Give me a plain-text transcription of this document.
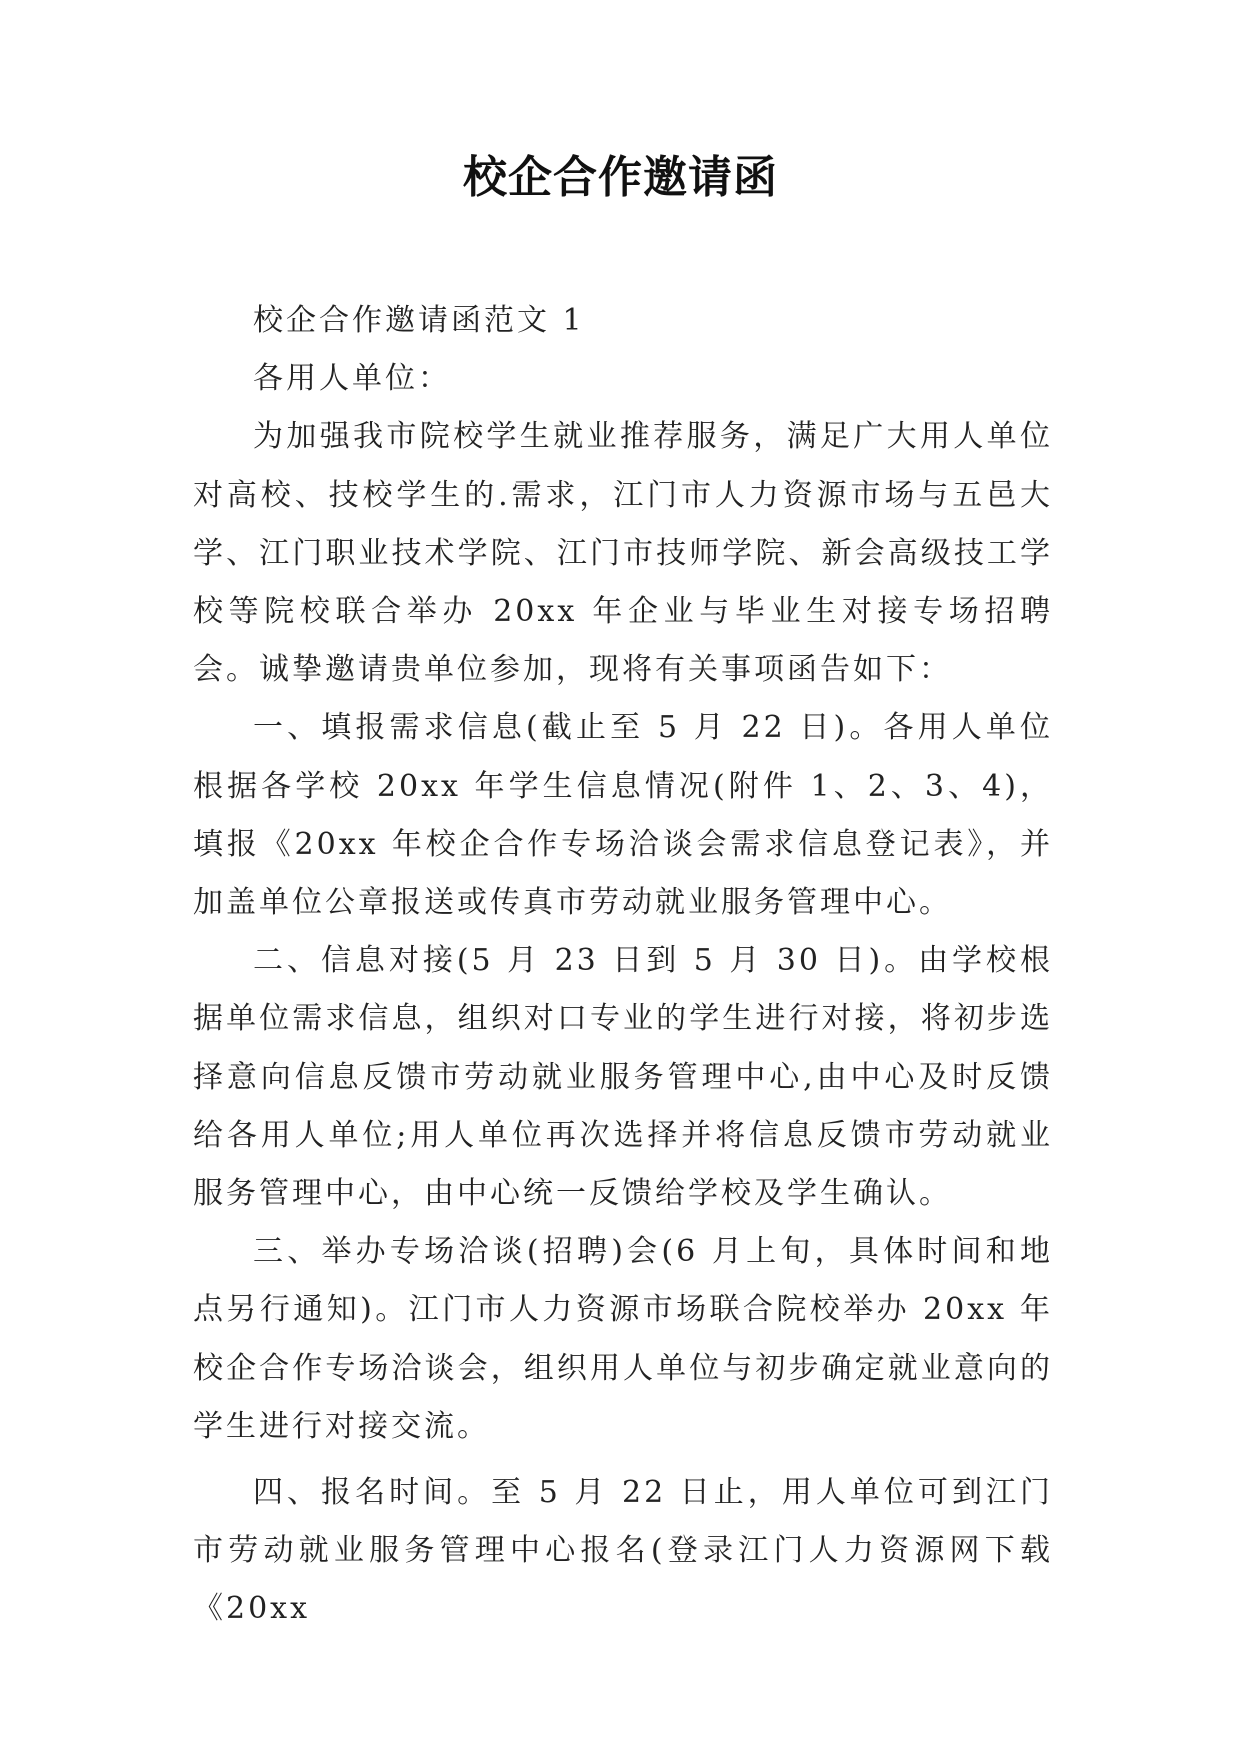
校企合作邀请函

校企合作邀请函范文 1

各用人单位：

为加强我市院校学生就业推荐服务，满足广大用人单位对高校、技校学生的.需求，江门市人力资源市场与五邑大学、江门职业技术学院、江门市技师学院、新会高级技工学校等院校联合举办 20xx 年企业与毕业生对接专场招聘会。诚挚邀请贵单位参加，现将有关事项函告如下：

一、填报需求信息(截止至 5 月 22 日)。各用人单位根据各学校 20xx 年学生信息情况(附件 1、2、3、4)，填报《20xx 年校企合作专场洽谈会需求信息登记表》，并加盖单位公章报送或传真市劳动就业服务管理中心。

二、信息对接(5 月 23 日到 5 月 30 日)。由学校根据单位需求信息，组织对口专业的学生进行对接，将初步选择意向信息反馈市劳动就业服务管理中心,由中心及时反馈给各用人单位;用人单位再次选择并将信息反馈市劳动就业服务管理中心，由中心统一反馈给学校及学生确认。

三、举办专场洽谈(招聘)会(6 月上旬，具体时间和地点另行通知)。江门市人力资源市场联合院校举办 20xx 年校企合作专场洽谈会，组织用人单位与初步确定就业意向的学生进行对接交流。

四、报名时间。至 5 月 22 日止，用人单位可到江门市劳动就业服务管理中心报名(登录江门人力资源网下载《20xx
